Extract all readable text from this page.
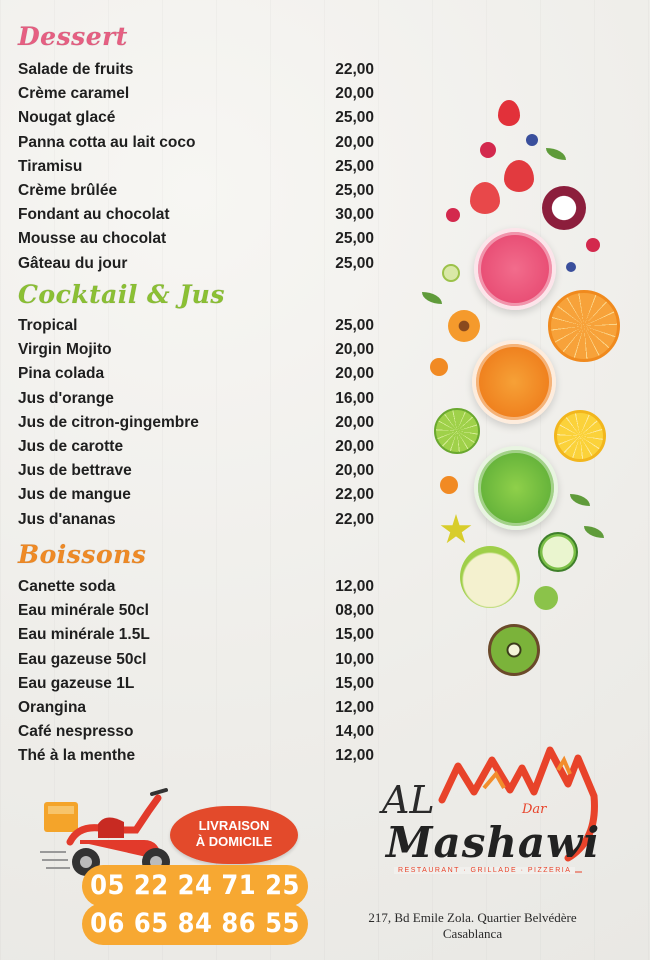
Dessert
Salade de fruits	22,00
Crème caramel	20,00
Nougat glacé	25,00
Panna cotta au lait coco	20,00
Tiramisu	25,00
Crème brûlée	25,00
Fondant au chocolat	30,00
Mousse au chocolat	25,00
Gâteau du jour	25,00
Cocktail & Jus
Tropical	25,00
Virgin Mojito	20,00
Pina colada	20,00
Jus d'orange	16,00
Jus de citron-gingembre	20,00
Jus de carotte	20,00
Jus de bettrave	20,00
Jus de mangue	22,00
Jus d'ananas	22,00
Boissons
Canette soda	12,00
Eau minérale 50cl	08,00
Eau minérale 1.5L	15,00
Eau gazeuse 50cl	10,00
Eau gazeuse 1L	15,00
Orangina	12,00
Café nespresso	14,00
Thé à la menthe	12,00
AL	Dar
Mashawi
RESTAURANT · GRILLADE · PIZZERIA
217, Bd Emile Zola. Quartier Belvédère
Casablanca
LIVRAISON
À DOMICILE
05 22 24 71 25
06 65 84 86 55
